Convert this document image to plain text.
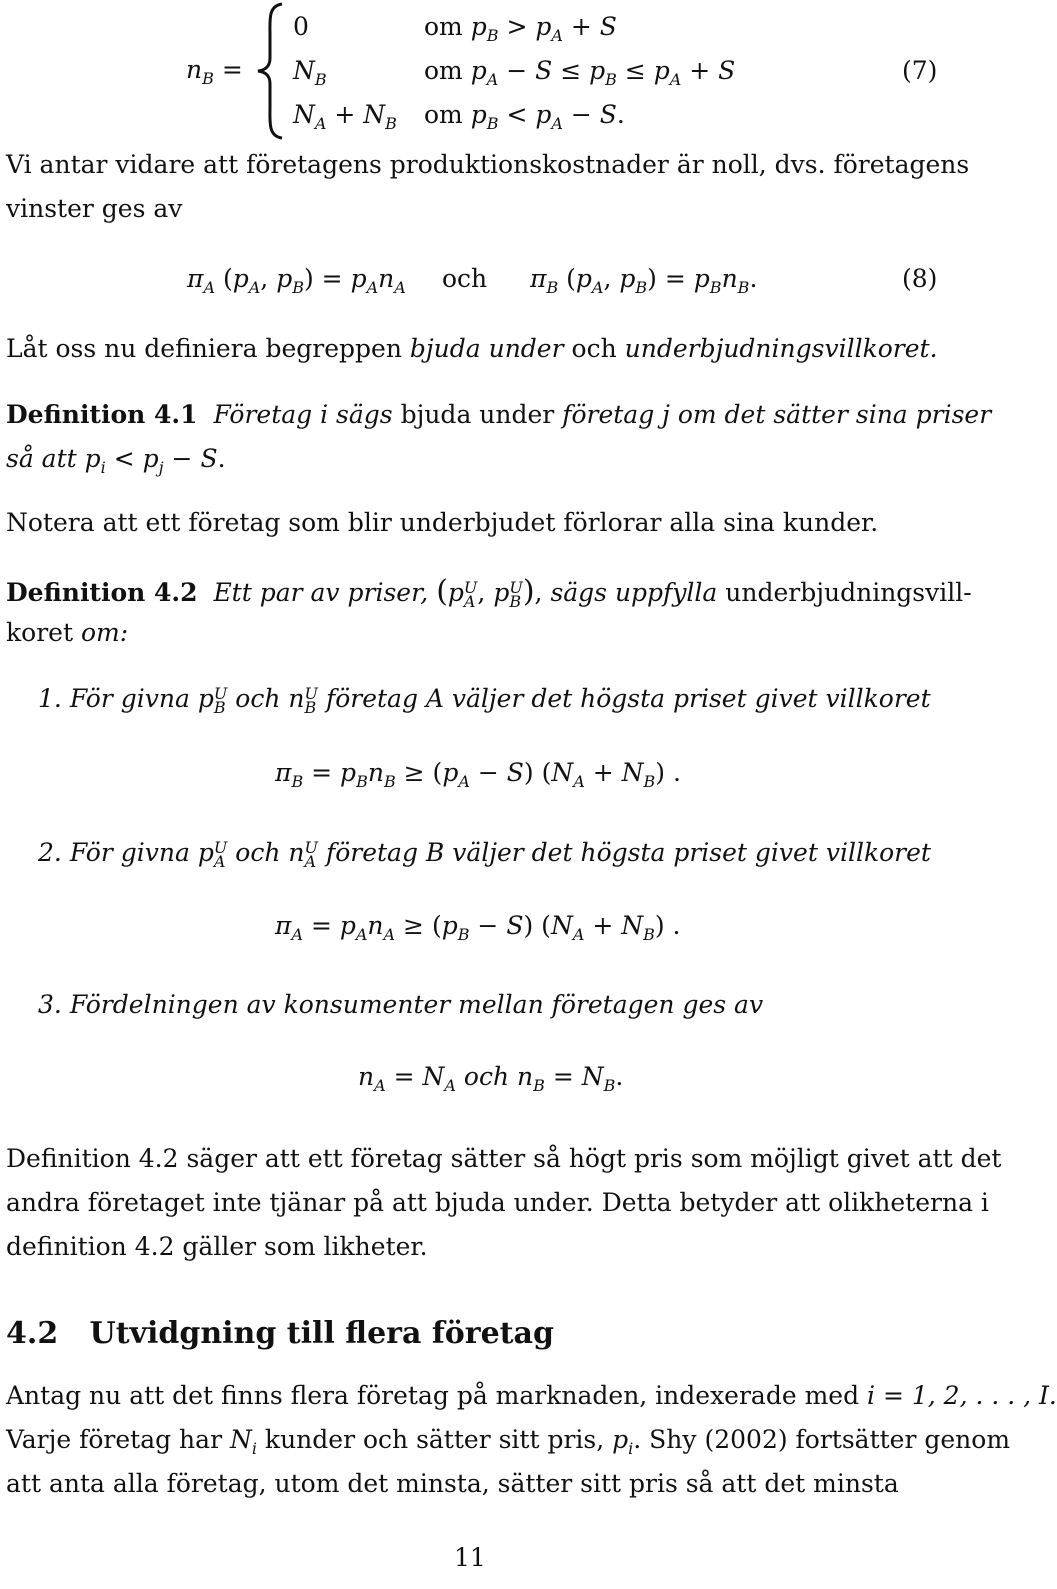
$n_B$ =
0	om $p_B > p_A + S$
$N_B$	om $p_A - S \le p_B \le p_A + S$
$N_A + N_B$ om $p_B < p_A - S$.
(7)
Vi antar vidare att företagens produktionskostnader är noll, dvs. företagens
vinster ges av
$\pi_A$ ($p_A$, $p_B) = p_An_A$ och $\pi_B$ ($p_A$, $p_B) = p_Bn_B$.	(8)
Låt oss nu definiera begreppen bjuda under och underbjudningsvillkoret.
Definition 4.1 Företag i sägs bjuda under företag j om det sätter sina priser
så att $p_i < p_j - S$.
Notera att ett företag som blir underbjudet förlorar alla sina kunder.
Definition 4.2 Ett par av priser, (p U
A , p U
B ), sägs uppfylla underbjudningsvill-
koret om:
1. För givna p U
B och n U
B företag A väljer det högsta priset givet villkoret
$\pi_B = p_Bn_B \ge (p_A - S) (N_A + N_B)$ .
2. För givna p U
A och n U
A företag B väljer det högsta priset givet villkoret
$\pi_A = p_An_A \ge (p_B - S) (N_A + N_B)$ .
3. Fördelningen av konsumenter mellan företagen ges av
$n_A = N_A$ och $n_B = N_B$.
Definition 4.2 säger att ett företag sätter så högt pris som möjligt givet att det
andra företaget inte tjänar på att bjuda under. Detta betyder att olikheterna i
definition 4.2 gäller som likheter.
4.2 Utvidgning till flera företag
Antag nu att det finns flera företag på marknaden, indexerade med i = 1, 2, . . . , I.
Varje företag har $N_i$ kunder och sätter sitt pris, $p_i$. Shy (2002) fortsätter genom
att anta alla företag, utom det minsta, sätter sitt pris så att det minsta
11
